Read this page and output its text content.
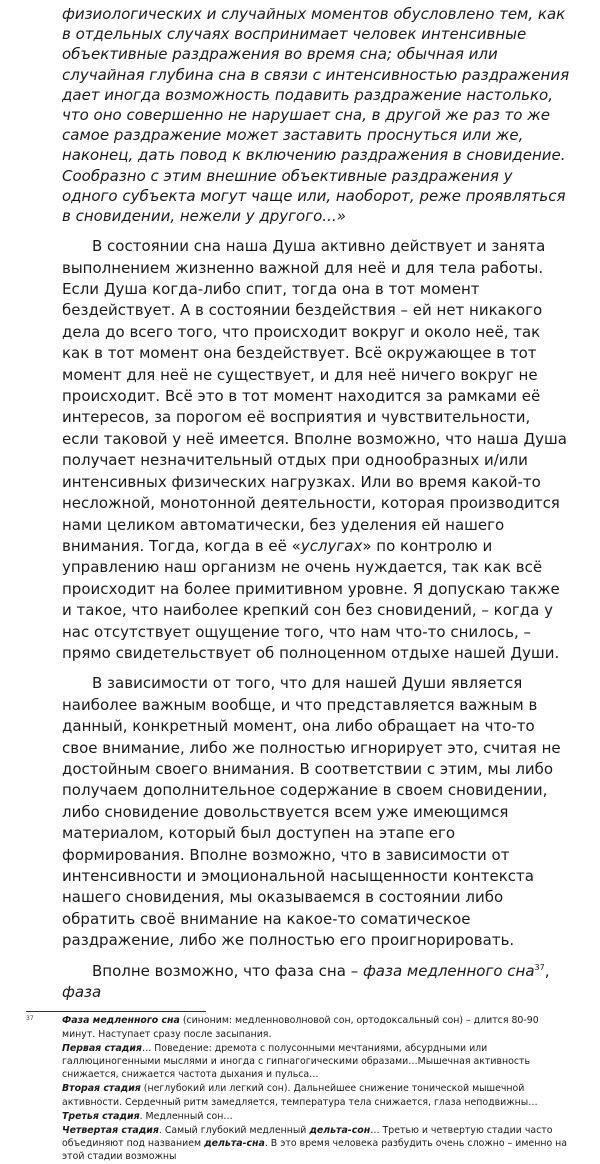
физиологических и случайных моментов обусловлено тем, как в отдельных случаях воспринимает человек интенсивные объективные раздражения во время сна; обычная или случайная глубина сна в связи с интенсивностью раздражения дает иногда возможность подавить раздражение настолько, что оно совершенно не нарушает сна, в другой же раз то же самое раздражение может заставить проснуться или же, наконец, дать повод к включению раздражения в сновидение. Сообразно с этим внешние объективные раздражения у одного субъекта могут чаще или, наоборот, реже проявляться в сновидении, нежели у другого...»

В состоянии сна наша Душа активно действует и занята выполнением жизненно важной для неё и для тела работы. Если Душа когда-либо спит, тогда она в тот момент бездействует. А в состоянии бездействия – ей нет никакого дела до всего того, что происходит вокруг и около неё, так как в тот момент она бездействует. Всё окружающее в тот момент для неё не существует, и для неё ничего вокруг не происходит. Всё это в тот момент находится за рамками её интересов, за порогом её восприятия и чувствительности, если таковой у неё имеется. Вполне возможно, что наша Душа получает незначительный отдых при однообразных и/или интенсивных физических нагрузках. Или во время какой-то несложной, монотонной деятельности, которая производится нами целиком автоматически, без уделения ей нашего внимания. Тогда, когда в её «услугах» по контролю и управлению наш организм не очень нуждается, так как всё происходит на более примитивном уровне. Я допускаю также и такое, что наиболее крепкий сон без сновидений, – когда у нас отсутствует ощущение того, что нам что-то снилось, – прямо свидетельствует об полноценном отдыхе нашей Души.

В зависимости от того, что для нашей Души является наиболее важным вообще, и что представляется важным в данный, конкретный момент, она либо обращает на что-то свое внимание, либо же полностью игнорирует это, считая не достойным своего внимания. В соответствии с этим, мы либо получаем дополнительное содержание в своем сновидении, либо сновидение довольствуется всем уже имеющимся материалом, который был доступен на этапе его формирования. Вполне возможно, что в зависимости от интенсивности и эмоциональной насыщенности контекста нашего сновидения, мы оказываемся в состоянии либо обратить своё внимание на какое-то соматическое раздражение, либо же полностью его проигнорировать.

Вполне возможно, что фаза сна – фаза медленного сна$^{37}$, фаза

37	Фаза медленного сна (синоним: медленноволновой сон, ортодоксальный сон) – длится 80-90 минут. Наступает сразу после засыпания.

Первая стадия… Поведение: дремота с полусонными мечтаниями, абсурдными или галлюциногенными мыслями и иногда с гипнагогическими образами…Мышечная активность снижается, снижается частота дыхания и пульса…

Вторая стадия (неглубокий или легкий сон). Дальнейшее снижение тонической мышечной активности. Сердечный ритм замедляется, температура тела снижается, глаза неподвижны…

Третья стадия. Медленный сон…

Четвертая стадия. Самый глубокий медленный дельта-сон… Третью и четвертую стадии часто объединяют под названием дельта-сна. В это время человека разбудить очень сложно – именно на этой стадии возможны
